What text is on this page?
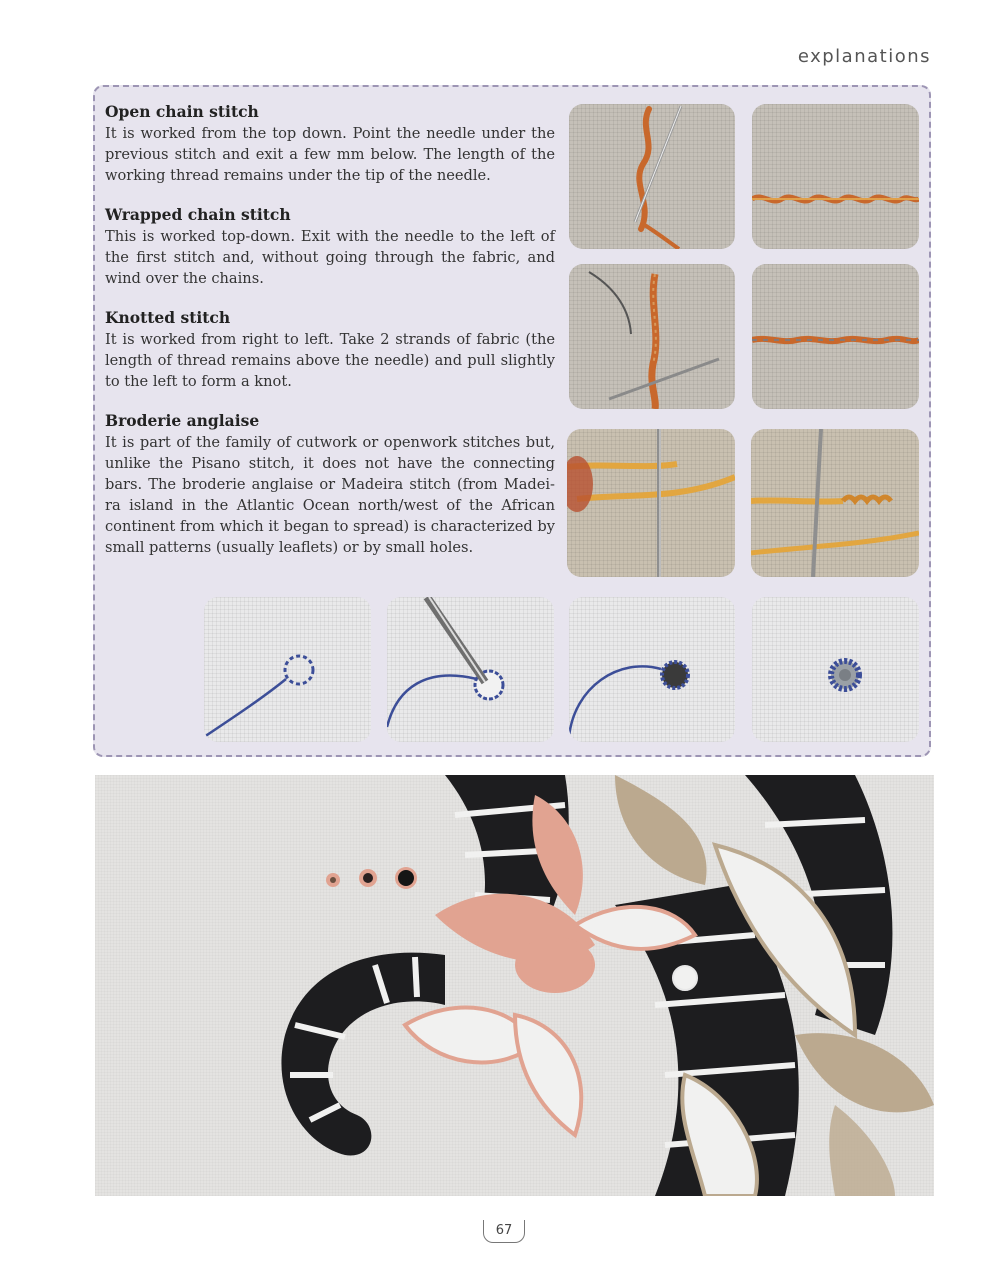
explanations
Open chain stitch

It is worked from the top down. Point the needle under the previous stitch and exit a few mm below. The length of the working thread remains under the tip of the needle.

Wrapped chain stitch

This is worked top-down. Exit with the needle to the left of the first stitch and, without going through the fabric, and wind over the chains.

Knotted stitch

It is worked from right to left. Take 2 strands of fabric (the length of thread remains above the needle) and pull slightly to the left to form a knot.

Broderie anglaise

It is part of the family of cutwork or openwork stitches but, unlike the Pisano stitch, it does not have the connecting bars. The broderie anglaise or Madeira stitch (from Madei-ra island in the Atlantic Ocean north/west of the African continent from which it began to spread) is characterized by small patterns (usually leaflets) or by small holes.

67
